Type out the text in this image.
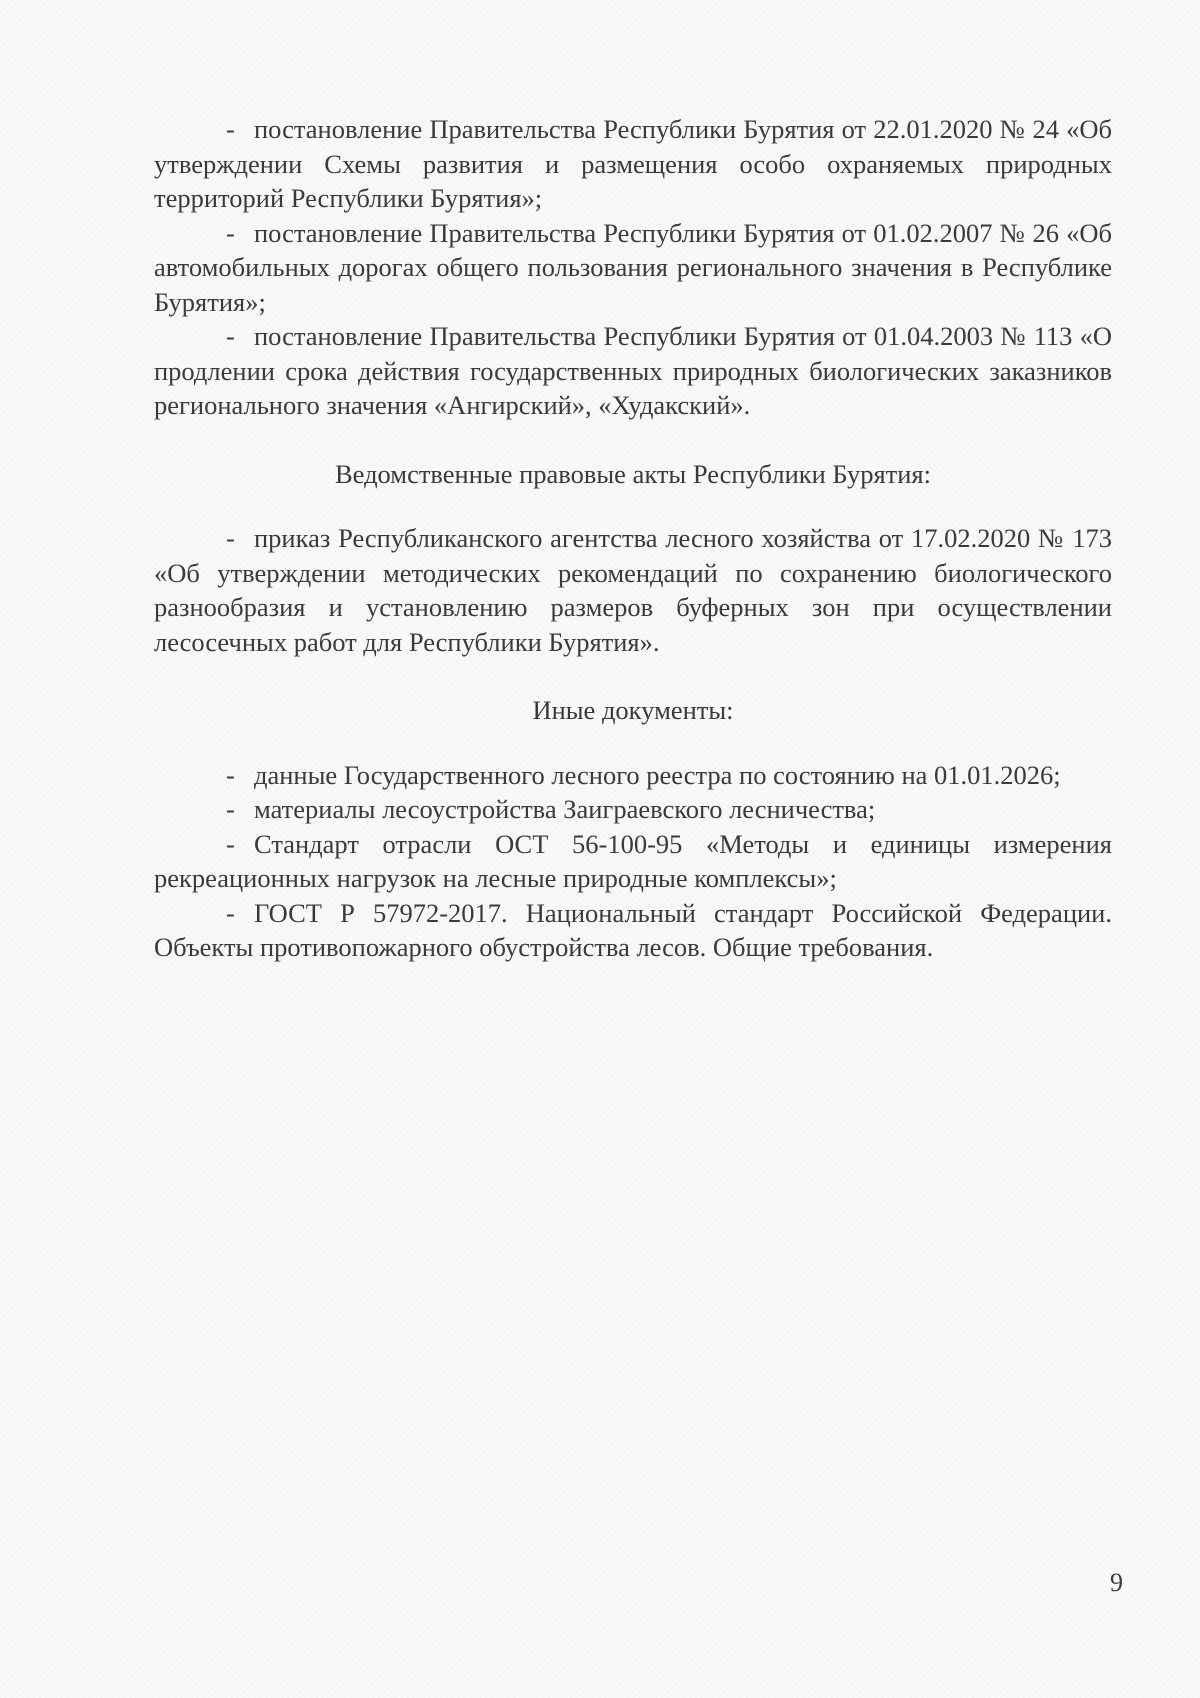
- постановление Правительства Республики Бурятия от 22.01.2020 № 24 «Об утверждении Схемы развития и размещения особо охраняемых природных территорий Республики Бурятия»;

- постановление Правительства Республики Бурятия от 01.02.2007 № 26 «Об автомобильных дорогах общего пользования регионального значения в Республике Бурятия»;

- постановление Правительства Республики Бурятия от 01.04.2003 № 113 «О продлении срока действия государственных природных биологических заказников регионального значения «Ангирский», «Худакский».

Ведомственные правовые акты Республики Бурятия:

- приказ Республиканского агентства лесного хозяйства от 17.02.2020 № 173 «Об утверждении методических рекомендаций по сохранению биологического разнообразия и установлению размеров буферных зон при осуществлении лесосечных работ для Республики Бурятия».

Иные документы:

- данные Государственного лесного реестра по состоянию на 01.01.2026;

- материалы лесоустройства Заиграевского лесничества;

- Стандарт отрасли ОСТ 56-100-95 «Методы и единицы измерения рекреационных нагрузок на лесные природные комплексы»;

- ГОСТ Р 57972-2017. Национальный стандарт Российской Федерации. Объекты противопожарного обустройства лесов. Общие требования.

9
